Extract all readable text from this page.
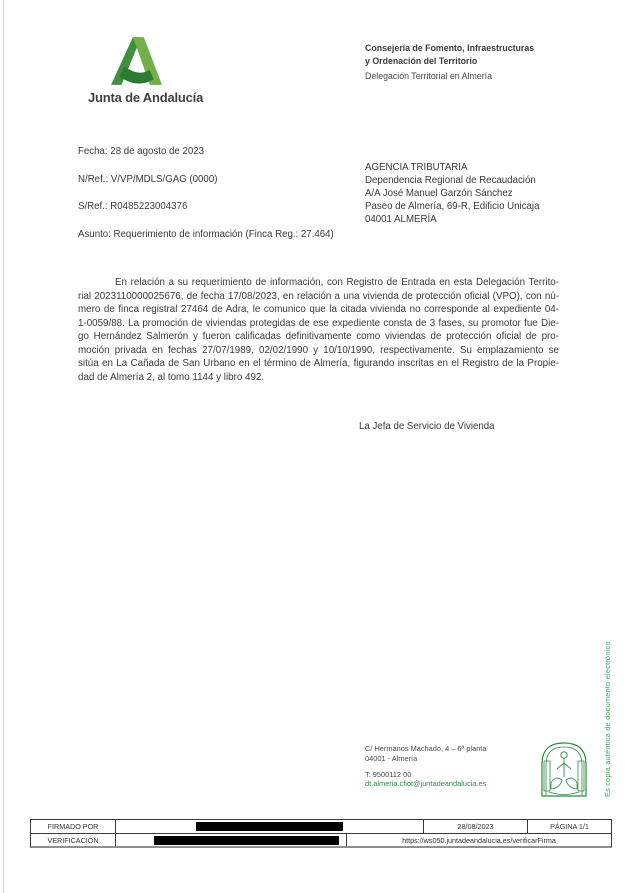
Junta de Andalucía
Consejería de Fomento, Infraestructuras
y Ordenación del Territorio
Delegación Territorial en Almería
Fecha: 28 de agosto de 2023
N/Ref.: V/VP/MDLS/GAG (0000)
S/Ref.: R0485223004376
Asunto: Requerimiento de información (Finca Reg.: 27.464)
AGENCIA TRIBUTARIA
Dependencia Regional de Recaudación
A/A José Manuel Garzón Sánchez
Paseo de Almería, 69-R, Edificio Unicaja
04001 ALMERÍA
En relación a su requerimiento de información, con Registro de Entrada en esta Delegación Territo-
rial 2023110000025676, de fecha 17/08/2023, en relación a una vivienda de protección oficial (VPO), con nú-
mero de finca registral 27464 de Adra, le comunico que la citada vivienda no corresponde al expediente 04-
1-0059/88. La promoción de viviendas protegidas de ese expediente consta de 3 fases, su promotor fue Die-
go Hernández Salmerón y fueron calificadas definitivamente como viviendas de protección oficial de pro-
moción privada en fechas 27/07/1989, 02/02/1990 y 10/10/1990, respectivamente. Su emplazamiento se
sitúa en La Cañada de San Urbano en el término de Almería, figurando inscritas en el Registro de la Propie-
dad de Almería 2, al tomo 1144 y libro 492.
La Jefa de Servicio de Vivienda
C/ Hermanos Machado, 4 – 6ª planta
04001 - Almería
T: 9500112 00
dt.almeria.cfiot@juntadeandalucia.es	Es copia auténtica de documento electrónico
FIRMADO POR	28/08/2023	PÁGINA 1/1
VERIFICACIÓN	https://ws050.juntadeandalucia.es/verificarFirma
